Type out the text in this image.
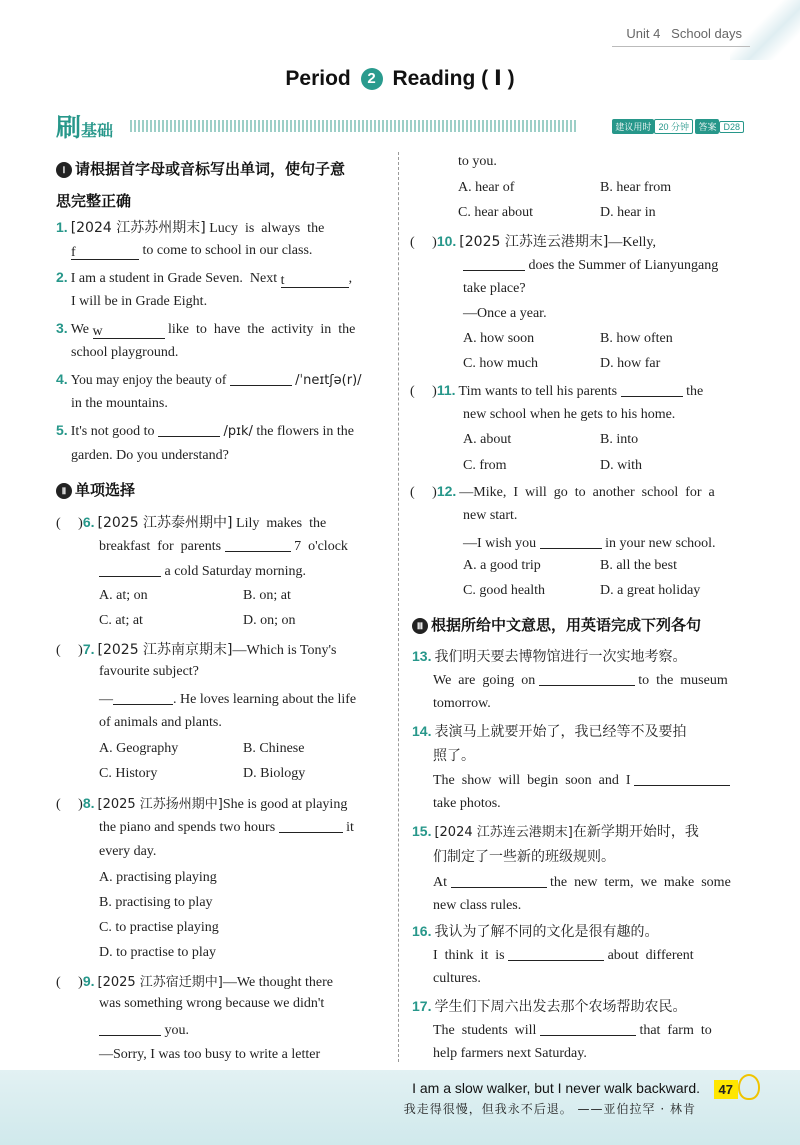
Unit 4   School days
Period 2 Reading ( Ⅰ )
刷基础	建议用时 20 分钟 答案 D28
Ⅰ 请根据首字母或音标写出单词，使句子意
思完整正确
1. [2024 江苏苏州期末] Lucy  is  always  the
f	to come to school in our class.
2. I am a student in Grade Seven.  Next t	,
I will be in Grade Eight.
3. We w	like  to  have  the  activity  in  the
school playground.
4. You may enjoy the beauty of	/ˈneɪtʃə(r)/
in the mountains.
5. It's not good to	/pɪk/ the flowers in the
garden. Do you understand?
Ⅱ 单项选择
(     )6. [2025 江苏泰州期中] Lily  makes  the
breakfast  for  parents	7  o'clock
a cold Saturday morning.
A. at; on	B. on; at
C. at; at	D. on; on
(     )7. [2025 江苏南京期末]—Which is Tony's
favourite subject?
—	. He loves learning about the life
of animals and plants.
A. Geography	B. Chinese
C. History	D. Biology
(     )8. [2025 江苏扬州期中]She is good at playing
the piano and spends two hours	it
every day.
A. practising playing
B. practising to play
C. to practise playing
D. to practise to play
(     )9. [2025 江苏宿迁期中]—We thought there
was something wrong because we didn't
you.
—Sorry, I was too busy to write a letter
to you.
A. hear of	B. hear from
C. hear about	D. hear in
(     )10. [2025 江苏连云港期末]—Kelly,
does the Summer of Lianyungang
take place?
—Once a year.
A. how soon	B. how often
C. how much	D. how far
(     )11. Tim wants to tell his parents	the
new school when he gets to his home.
A. about	B. into
C. from	D. with
(     )12. —Mike,  I  will  go  to  another  school  for  a
new start.
—I wish you	in your new school.
A. a good trip	B. all the best
C. good health	D. a great holiday
Ⅲ 根据所给中文意思，用英语完成下列各句
13. 我们明天要去博物馆进行一次实地考察。
We  are  going  on	to  the  museum
tomorrow.
14. 表演马上就要开始了，我已经等不及要拍
照了。
The  show  will  begin  soon  and  I
take photos.
15. [2024 江苏连云港期末]在新学期开始时，我
们制定了一些新的班级规则。
At	the  new  term,  we  make  some
new class rules.
16. 我认为了解不同的文化是很有趣的。
I  think  it  is	about  different
cultures.
17. 学生们下周六出发去那个农场帮助农民。
The  students  will	that  farm  to
help farmers next Saturday.
I am a slow walker, but I never walk backward.
我走得很慢，但我永不后退。 ——亚伯拉罕 · 林肯
47
